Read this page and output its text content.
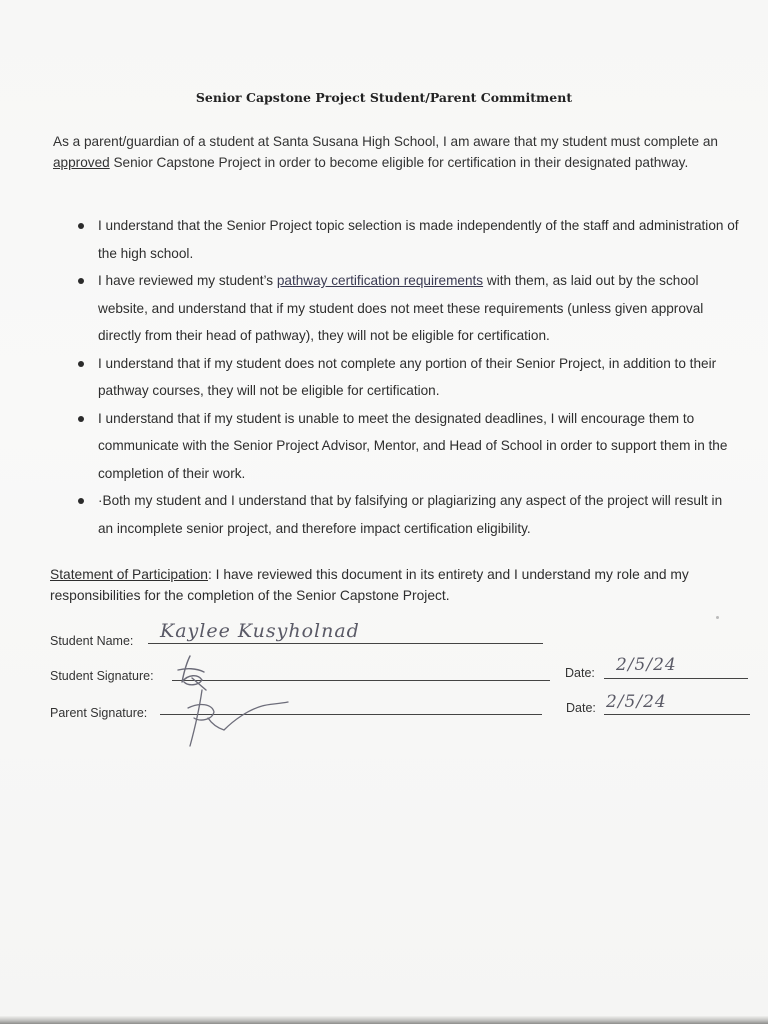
Senior Capstone Project Student/Parent Commitment
As a parent/guardian of a student at Santa Susana High School, I am aware that my student must complete an approved Senior Capstone Project in order to become eligible for certification in their designated pathway.
I understand that the Senior Project topic selection is made independently of the staff and administration of the high school.
I have reviewed my student’s pathway certification requirements with them, as laid out by the school website, and understand that if my student does not meet these requirements (unless given approval directly from their head of pathway), they will not be eligible for certification.
I understand that if my student does not complete any portion of their Senior Project, in addition to their pathway courses, they will not be eligible for certification.
I understand that if my student is unable to meet the designated deadlines, I will encourage them to communicate with the Senior Project Advisor, Mentor, and Head of School in order to support them in the completion of their work.
·Both my student and I understand that by falsifying or plagiarizing any aspect of the project will result in an incomplete senior project, and therefore impact certification eligibility.
Statement of Participation: I have reviewed this document in its entirety and I understand my role and my responsibilities for the completion of the Senior Capstone Project.
Student Name: Kaylee Kusyholnad
Student Signature:	Date: 2/5/24
Parent Signature:	Date: 2/5/24
